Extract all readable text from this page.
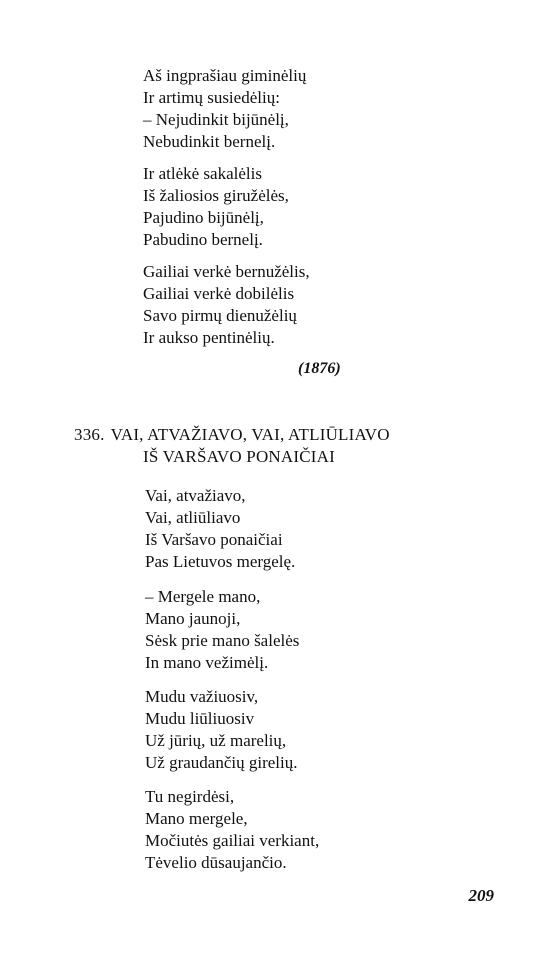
Aš ingprašiau giminėlių
Ir artimų susiedėlių:
– Nejudinkit bijūnėlį,
Nebudinkit bernelį.
Ir atlėkė sakalėlis
Iš žaliosios giružėlės,
Pajudino bijūnėlį,
Pabudino bernelį.
Gailiai verkė bernužėlis,
Gailiai verkė dobilėlis
Savo pirmų dienužėlių
Ir aukso pentinėlių.
(1876)
336. VAI, ATVAŽIAVO, VAI, ATLIŪLIAVO
IŠ VARŠAVO PONAIČIAI
Vai, atvažiavo,
Vai, atliūliavo
Iš Varšavo ponaičiai
Pas Lietuvos mergelę.
– Mergele mano,
Mano jaunoji,
Sėsk prie mano šalelės
In mano vežimėlį.
Mudu važiuosiv,
Mudu liūliuosiv
Už jūrių, už marelių,
Už graudančių girelių.
Tu negirdėsi,
Mano mergele,
Močiutės gailiai verkiant,
Tėvelio dūsaujančio.
209
